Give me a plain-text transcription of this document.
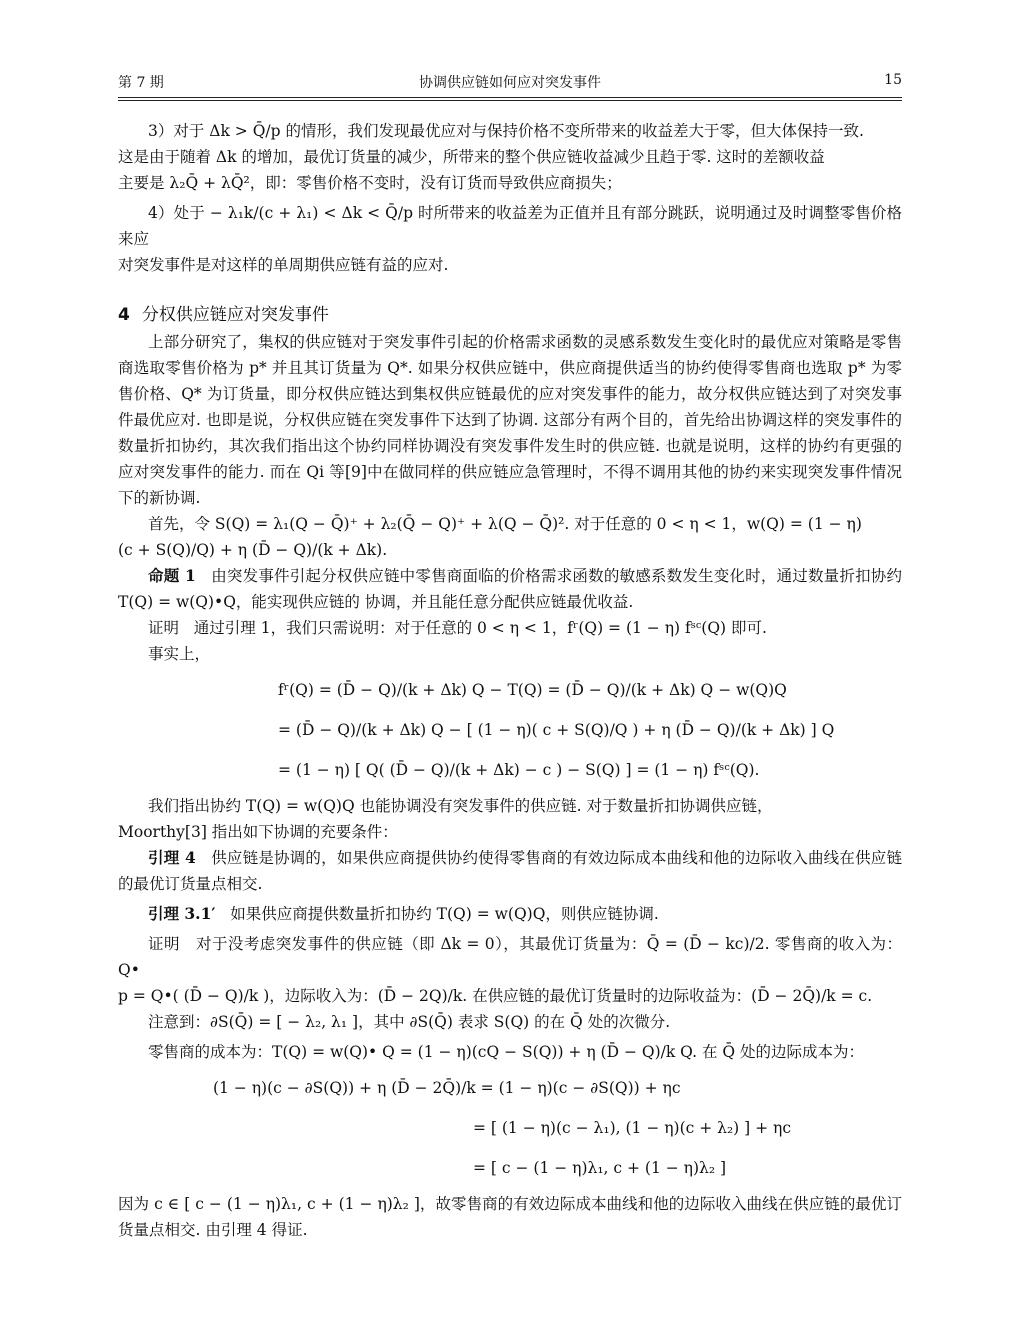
第 7 期	协调供应链如何应对突发事件	15

3）对于 Δk > Q̄/p 的情形，我们发现最优应对与保持价格不变所带来的收益差大于零，但大体保持一致.

这是由于随着 Δk 的增加，最优订货量的减少，所带来的整个供应链收益减少且趋于零. 这时的差额收益

主要是 λ₂Q̄ + λQ̄²，即：零售价格不变时，没有订货而导致供应商损失；

4）处于 − λ₁k/(c + λ₁) < Δk < Q̄/p 时所带来的收益差为正值并且有部分跳跃，说明通过及时调整零售价格来应

对突发事件是对这样的单周期供应链有益的应对.

4 分权供应链应对突发事件

上部分研究了，集权的供应链对于突发事件引起的价格需求函数的灵感系数发生变化时的最优应对策略是零售商选取零售价格为 p* 并且其订货量为 Q*. 如果分权供应链中，供应商提供适当的协约使得零售商也选取 p* 为零售价格、Q* 为订货量，即分权供应链达到集权供应链最优的应对突发事件的能力，故分权供应链达到了对突发事件最优应对. 也即是说，分权供应链在突发事件下达到了协调. 这部分有两个目的，首先给出协调这样的突发事件的数量折扣协约，其次我们指出这个协约同样协调没有突发事件发生时的供应链. 也就是说明，这样的协约有更强的应对突发事件的能力. 而在 Qi 等[9]中在做同样的供应链应急管理时，不得不调用其他的协约来实现突发事件情况下的新协调.

首先，令 S(Q) = λ₁(Q − Q̄)⁺ + λ₂(Q̄ − Q)⁺ + λ(Q − Q̄)². 对于任意的 0 < η < 1，w(Q) = (1 − η)

(c + S(Q)/Q) + η (D̄ − Q)/(k + Δk).

命题 1 由突发事件引起分权供应链中零售商面临的价格需求函数的敏感系数发生变化时，通过数量折扣协约 T(Q) = w(Q)•Q，能实现供应链的 协调，并且能任意分配供应链最优收益.

证明 通过引理 1，我们只需说明：对于任意的 0 < η < 1，fʳ(Q) = (1 − η) fˢᶜ(Q) 即可.

事实上，

fʳ(Q) = (D̄ − Q)/(k + Δk) Q − T(Q) = (D̄ − Q)/(k + Δk) Q − w(Q)Q

= (D̄ − Q)/(k + Δk) Q − [ (1 − η)( c + S(Q)/Q ) + η (D̄ − Q)/(k + Δk) ] Q

= (1 − η) [ Q( (D̄ − Q)/(k + Δk) − c ) − S(Q) ] = (1 − η) fˢᶜ(Q).

我们指出协约 T(Q) = w(Q)Q 也能协调没有突发事件的供应链. 对于数量折扣协调供应链，

Moorthy[3] 指出如下协调的充要条件：

引理 4 供应链是协调的，如果供应商提供协约使得零售商的有效边际成本曲线和他的边际收入曲线在供应链的最优订货量点相交.

引理 3.1′ 如果供应商提供数量折扣协约 T(Q) = w(Q)Q，则供应链协调.

证明 对于没考虑突发事件的供应链（即 Δk = 0），其最优订货量为：Q̄ = (D̄ − kc)/2. 零售商的收入为：Q•

p = Q•( (D̄ − Q)/k )，边际收入为：(D̄ − 2Q)/k. 在供应链的最优订货量时的边际收益为：(D̄ − 2Q̄)/k = c.

注意到：∂S(Q̄) = [ − λ₂, λ₁ ]，其中 ∂S(Q̄) 表求 S(Q) 的在 Q̄ 处的次微分.

零售商的成本为：T(Q) = w(Q)• Q = (1 − η)(cQ − S(Q)) + η (D̄ − Q)/k Q. 在 Q̄ 处的边际成本为：

(1 − η)(c − ∂S(Q)) + η (D̄ − 2Q̄)/k = (1 − η)(c − ∂S(Q)) + ηc

= [ (1 − η)(c − λ₁), (1 − η)(c + λ₂) ] + ηc

= [ c − (1 − η)λ₁, c + (1 − η)λ₂ ]

因为 c ∈ [ c − (1 − η)λ₁, c + (1 − η)λ₂ ]，故零售商的有效边际成本曲线和他的边际收入曲线在供应链的最优订货量点相交. 由引理 4 得证.
